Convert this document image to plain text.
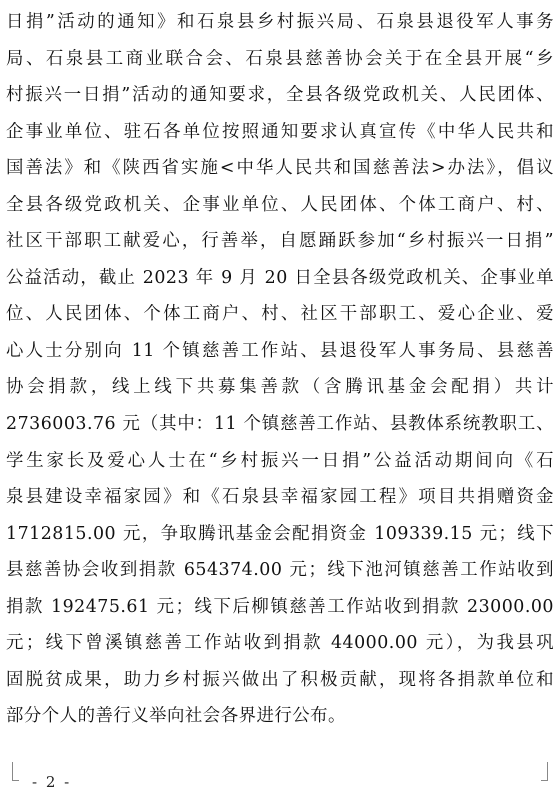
日捐”活动的通知》和石泉县乡村振兴局、石泉县退役军人事务
局、石泉县工商业联合会、石泉县慈善协会关于在全县开展“乡
村振兴一日捐”活动的通知要求，全县各级党政机关、人民团体、
企事业单位、驻石各单位按照通知要求认真宣传《中华人民共和
国善法》和《陕西省实施<中华人民共和国慈善法>办法》，倡议
全县各级党政机关、企事业单位、人民团体、个体工商户、村、
社区干部职工献爱心，行善举，自愿踊跃参加“乡村振兴一日捐”
公益活动，截止 2023 年 9 月 20 日全县各级党政机关、企事业单
位、人民团体、个体工商户、村、社区干部职工、爱心企业、爱
心人士分别向 11 个镇慈善工作站、县退役军人事务局、县慈善
协会捐款，线上线下共募集善款（含腾讯基金会配捐）共计
2736003.76 元（其中：11 个镇慈善工作站、县教体系统教职工、
学生家长及爱心人士在“乡村振兴一日捐”公益活动期间向《石
泉县建设幸福家园》和《石泉县幸福家园工程》项目共捐赠资金
1712815.00 元，争取腾讯基金会配捐资金 109339.15 元；线下
县慈善协会收到捐款 654374.00 元；线下池河镇慈善工作站收到
捐款 192475.61 元；线下后柳镇慈善工作站收到捐款 23000.00
元；线下曾溪镇慈善工作站收到捐款 44000.00 元），为我县巩
固脱贫成果，助力乡村振兴做出了积极贡献，现将各捐款单位和
部分个人的善行义举向社会各界进行公布。
- 2 -
